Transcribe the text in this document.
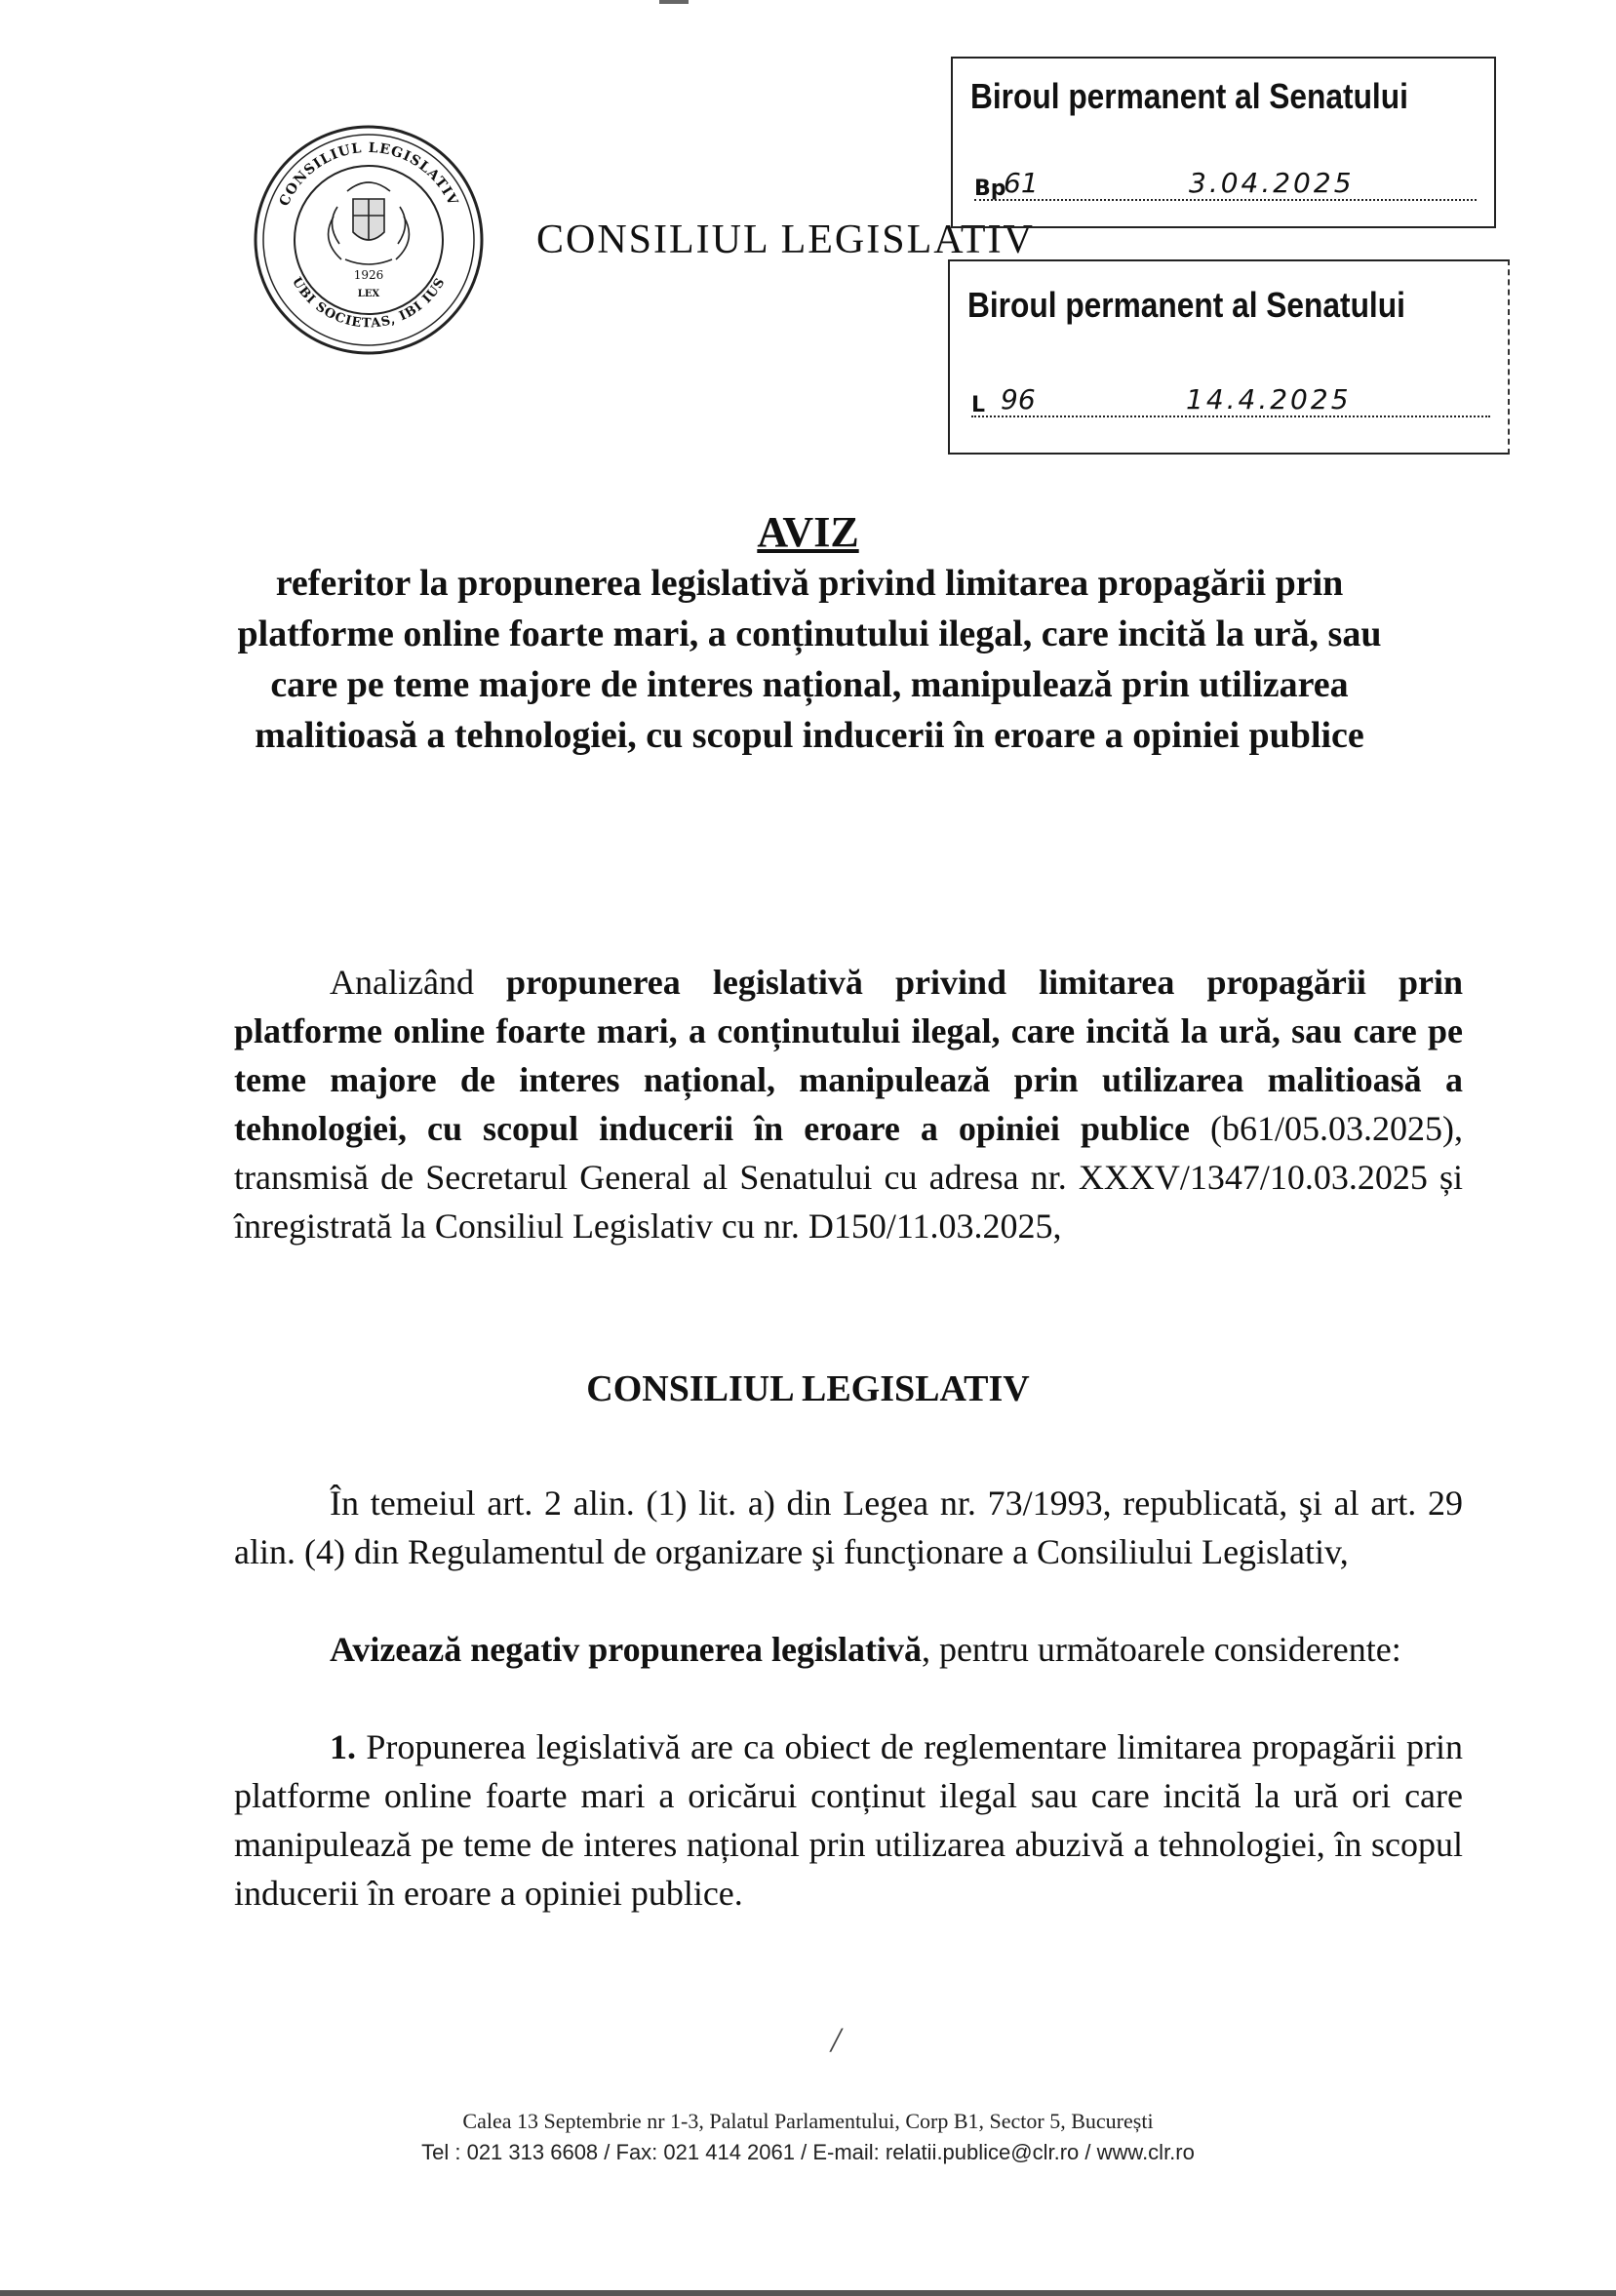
CONSILIUL LEGISLATIV
UBI SOCIETAS, IBI IUS
1926
LEX
CONSILIUL LEGISLATIV
Biroul permanent al Senatului
Bp
61	3.04.2025
Biroul permanent al Senatului
L 96	14.4.2025
AVIZ
referitor la propunerea legislativă privind limitarea propagării prin platforme online foarte mari, a conținutului ilegal, care incită la ură, sau care pe teme majore de interes național, manipulează prin utilizarea malitioasă a tehnologiei, cu scopul inducerii în eroare a opiniei publice
Analizând propunerea legislativă privind limitarea propagării prin platforme online foarte mari, a conținutului ilegal, care incită la ură, sau care pe teme majore de interes național, manipulează prin utilizarea malitioasă a tehnologiei, cu scopul inducerii în eroare a opiniei publice (b61/05.03.2025), transmisă de Secretarul General al Senatului cu adresa nr. XXXV/1347/10.03.2025 și înregistrată la Consiliul Legislativ cu nr. D150/11.03.2025,
CONSILIUL LEGISLATIV
În temeiul art. 2 alin. (1) lit. a) din Legea nr. 73/1993, republicată, şi al art. 29 alin. (4) din Regulamentul de organizare şi funcţionare a Consiliului Legislativ,
Avizează negativ propunerea legislativă, pentru următoarele considerente:
1. Propunerea legislativă are ca obiect de reglementare limitarea propagării prin platforme online foarte mari a oricărui conținut ilegal sau care incită la ură ori care manipulează pe teme de interes național prin utilizarea abuzivă a tehnologiei, în scopul inducerii în eroare a opiniei publice.
/
Calea 13 Septembrie nr 1-3, Palatul Parlamentului, Corp B1, Sector 5, București
Tel : 021 313 6608 / Fax: 021 414 2061 / E-mail: relatii.publice@clr.ro / www.clr.ro
